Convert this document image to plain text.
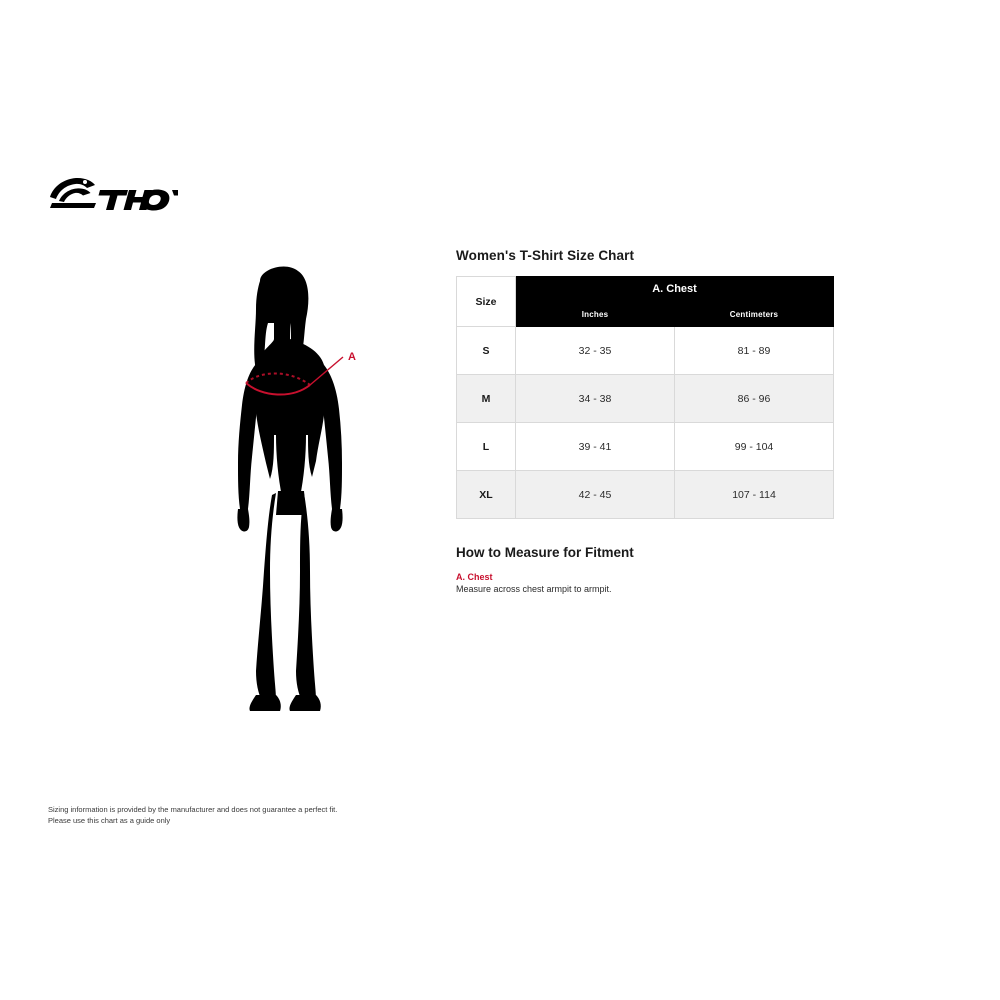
A
Women's T-Shirt Size Chart
Size	A. Chest	
	Inches	Centimeters
S	32 - 35	81 - 89
M	34 - 38	86 - 96
L	39 - 41	99 - 104
XL	42 - 45	107 - 114
How to Measure for Fitment
A. Chest
Measure across chest armpit to armpit.

Sizing information is provided by the manufacturer and does not guarantee a perfect fit.

Please use this chart as a guide only
